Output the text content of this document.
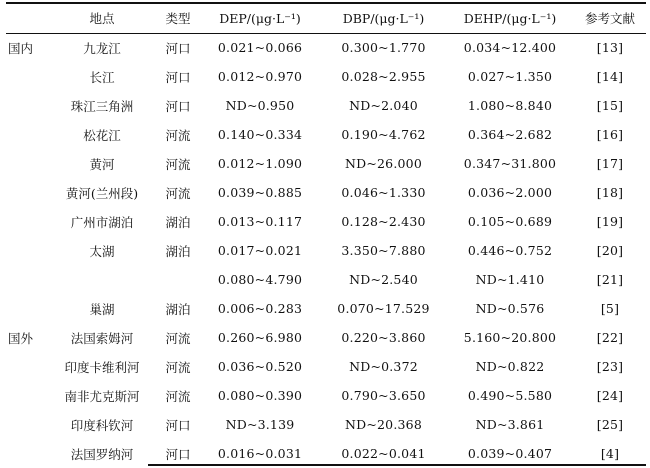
	地点	类型	DEP/(μg·L⁻¹)	DBP/(μg·L⁻¹)	DEHP/(μg·L⁻¹)	参考文献
国内	九龙江	河口	0.021~0.066	0.300~1.770	0.034~12.400	[13]
	长江	河口	0.012~0.970	0.028~2.955	0.027~1.350	[14]
	珠江三角洲	河口	ND~0.950	ND~2.040	1.080~8.840	[15]
	松花江	河流	0.140~0.334	0.190~4.762	0.364~2.682	[16]
	黄河	河流	0.012~1.090	ND~26.000	0.347~31.800	[17]
	黄河(兰州段)	河流	0.039~0.885	0.046~1.330	0.036~2.000	[18]
	广州市湖泊	湖泊	0.013~0.117	0.128~2.430	0.105~0.689	[19]
	太湖	湖泊	0.017~0.021	3.350~7.880	0.446~0.752	[20]
			0.080~4.790	ND~2.540	ND~1.410	[21]
	巢湖	湖泊	0.006~0.283	0.070~17.529	ND~0.576	[5]
国外	法国索姆河	河流	0.260~6.980	0.220~3.860	5.160~20.800	[22]
	印度卡维利河	河流	0.036~0.520	ND~0.372	ND~0.822	[23]
	南非尤克斯河	河流	0.080~0.390	0.790~3.650	0.490~5.580	[24]
	印度科钦河	河口	ND~3.139	ND~20.368	ND~3.861	[25]
	法国罗纳河	河口	0.016~0.031	0.022~0.041	0.039~0.407	[4]
